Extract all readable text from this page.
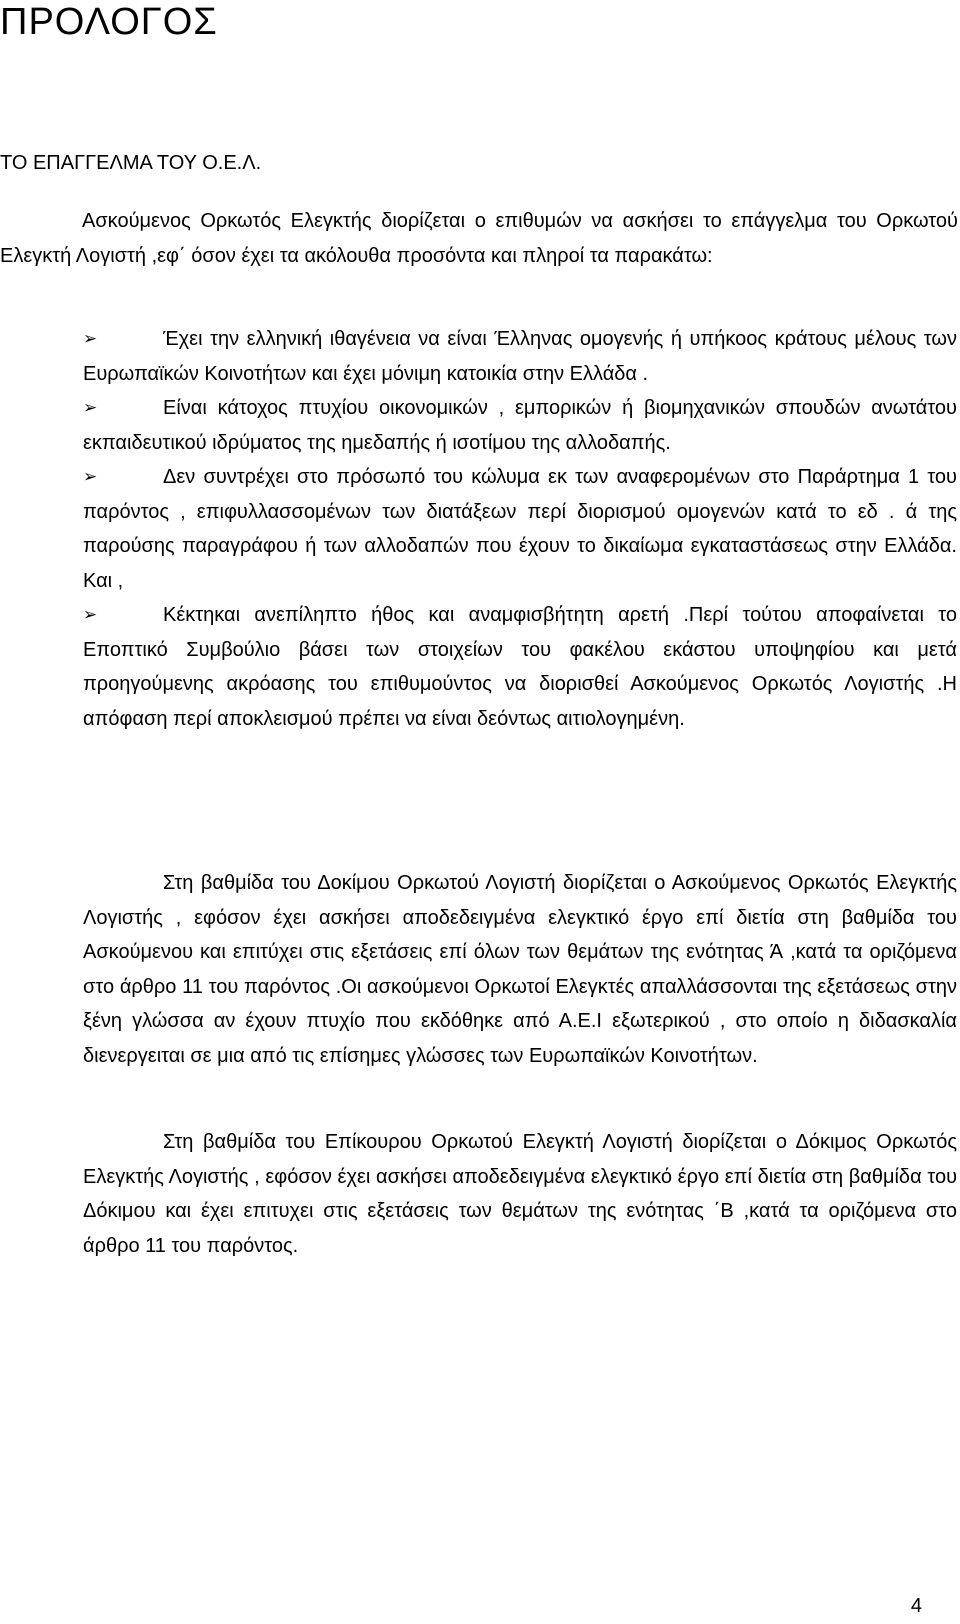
ΠΡΟΛΟΓΟΣ
ΤΟ ΕΠΑΓΓΕΛΜΑ ΤΟΥ Ο.Ε.Λ.

Ασκούμενος Ορκωτός Ελεγκτής διορίζεται ο επιθυμών να ασκήσει το επάγγελμα του Ορκωτού Ελεγκτή Λογιστή ,εφ΄ όσον έχει τα ακόλουθα προσόντα και πληροί τα παρακάτω:

➢	Έχει την ελληνική ιθαγένεια να είναι Έλληνας ομογενής ή υπήκοος κράτους μέλους των Ευρωπαϊκών Κοινοτήτων και έχει μόνιμη κατοικία στην Ελλάδα .

➢	Είναι κάτοχος πτυχίου οικονομικών , εμπορικών ή βιομηχανικών σπουδών ανωτάτου εκπαιδευτικού ιδρύματος της ημεδαπής ή ισοτίμου της αλλοδαπής.

➢	Δεν συντρέχει στο πρόσωπό του κώλυμα εκ των αναφερομένων στο Παράρτημα 1 του παρόντος , επιφυλλασσομένων των διατάξεων περί διορισμού ομογενών κατά το εδ . ά της παρούσης παραγράφου ή των αλλοδαπών που έχουν το δικαίωμα εγκαταστάσεως στην Ελλάδα. Και ,

➢	Κέκτηκαι ανεπίληπτο ήθος και αναμφισβήτητη αρετή .Περί τούτου αποφαίνεται το Εποπτικό Συμβούλιο βάσει των στοιχείων του φακέλου εκάστου υποψηφίου και μετά προηγούμενης ακρόασης του επιθυμούντος να διορισθεί Ασκούμενος Ορκωτός Λογιστής .Η απόφαση περί αποκλεισμού πρέπει να είναι δεόντως αιτιολογημένη.

Στη βαθμίδα του Δοκίμου Ορκωτού Λογιστή διορίζεται ο Ασκούμενος Ορκωτός Ελεγκτής Λογιστής , εφόσον έχει ασκήσει αποδεδειγμένα ελεγκτικό έργο επί διετία στη βαθμίδα του Ασκούμενου και επιτύχει στις εξετάσεις επί όλων των θεμάτων της ενότητας Ά ,κατά τα οριζόμενα στο άρθρο 11 του παρόντος .Οι ασκούμενοι Ορκωτοί Ελεγκτές απαλλάσσονται της εξετάσεως στην ξένη γλώσσα αν έχουν πτυχίο που εκδόθηκε από Α.Ε.Ι εξωτερικού , στο οποίο η διδασκαλία διενεργειται σε μια από τις επίσημες γλώσσες των Ευρωπαϊκών Κοινοτήτων.

Στη βαθμίδα του Επίκουρου Ορκωτού Ελεγκτή Λογιστή διορίζεται ο Δόκιμος Ορκωτός Ελεγκτής Λογιστής , εφόσον έχει ασκήσει αποδεδειγμένα ελεγκτικό έργο επί διετία στη βαθμίδα του Δόκιμου και έχει επιτυχει στις εξετάσεις των θεμάτων της ενότητας ΄Β ,κατά τα οριζόμενα στο άρθρο 11 του παρόντος.

4
